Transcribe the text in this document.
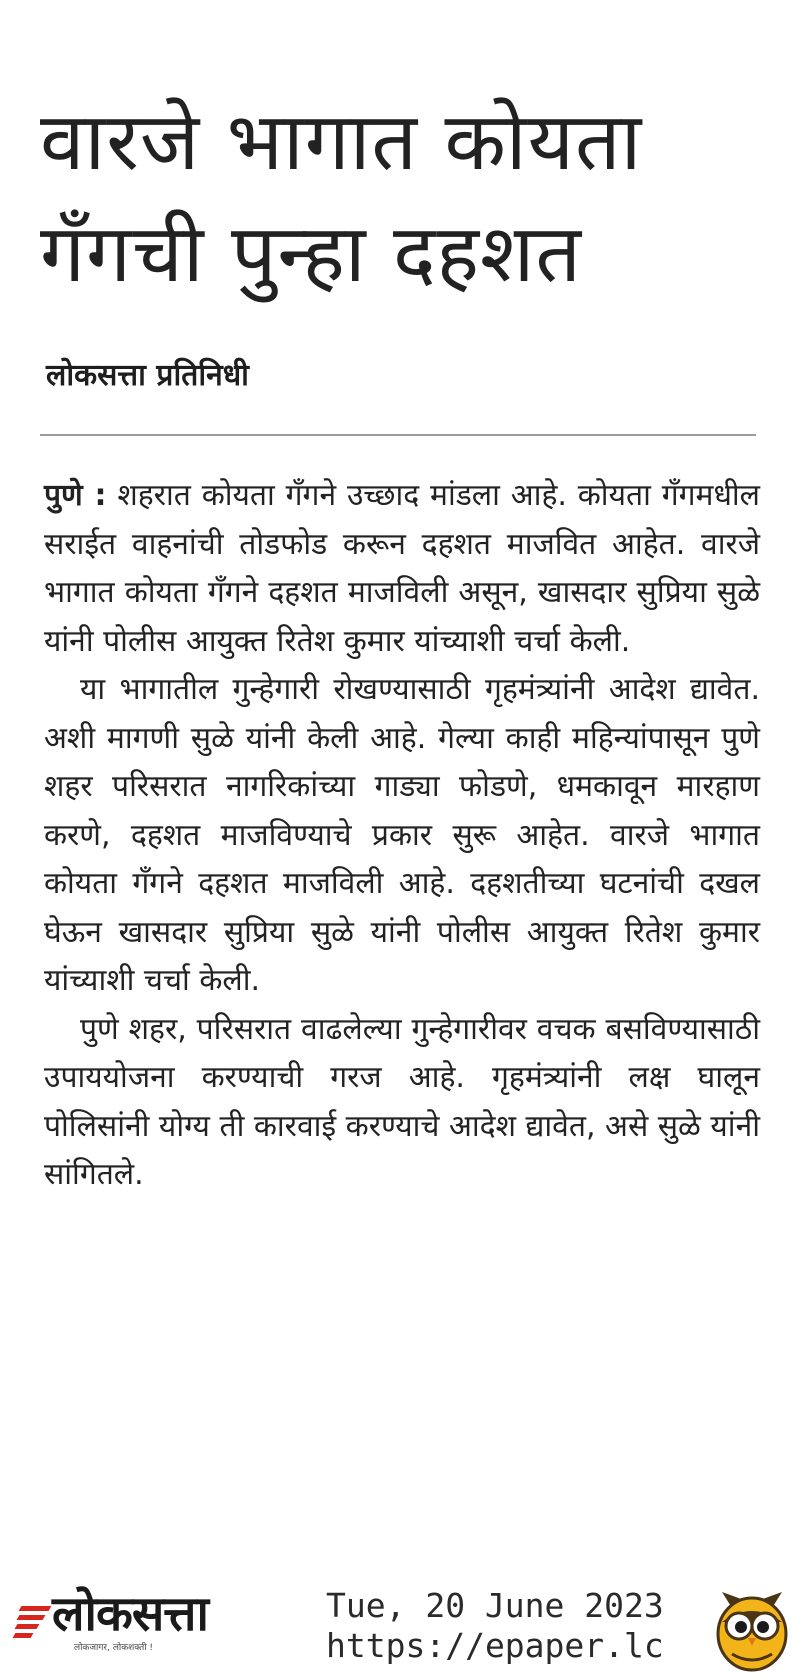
वारजे भागात कोयता
गँगची पुन्हा दहशत

लोकसत्ता प्रतिनिधी

पुणे : शहरात कोयता गँगने उच्छाद मांडला आहे. कोयता गँगमधील सराईत वाहनांची तोडफोड करून दहशत माजवित आहेत. वारजे भागात कोयता गँगने दहशत माजविली असून, खासदार सुप्रिया सुळे यांनी पोलीस आयुक्त रितेश कुमार यांच्याशी चर्चा केली.

या भागातील गुन्हेगारी रोखण्यासाठी गृहमंत्र्यांनी आदेश द्यावेत. अशी मागणी सुळे यांनी केली आहे. गेल्या काही महिन्यांपासून पुणे शहर परिसरात नागरिकांच्या गाड्या फोडणे, धमकावून मारहाण करणे, दहशत माजविण्याचे प्रकार सुरू आहेत. वारजे भागात कोयता गँगने दहशत माजविली आहे. दहशतीच्या घटनांची दखल घेऊन खासदार सुप्रिया सुळे यांनी पोलीस आयुक्त रितेश कुमार यांच्याशी चर्चा केली.

पुणे शहर, परिसरात वाढलेल्या गुन्हेगारीवर वचक बसविण्यासाठी उपाययोजना करण्याची गरज आहे. गृहमंत्र्यांनी लक्ष घालून पोलिसांनी योग्य ती कारवाई करण्याचे आदेश द्यावेत, असे सुळे यांनी सांगितले.

लोकसत्ता
लोकजागर, लोकशक्ती !
Tue, 20 June 2023
https://epaper.lc
